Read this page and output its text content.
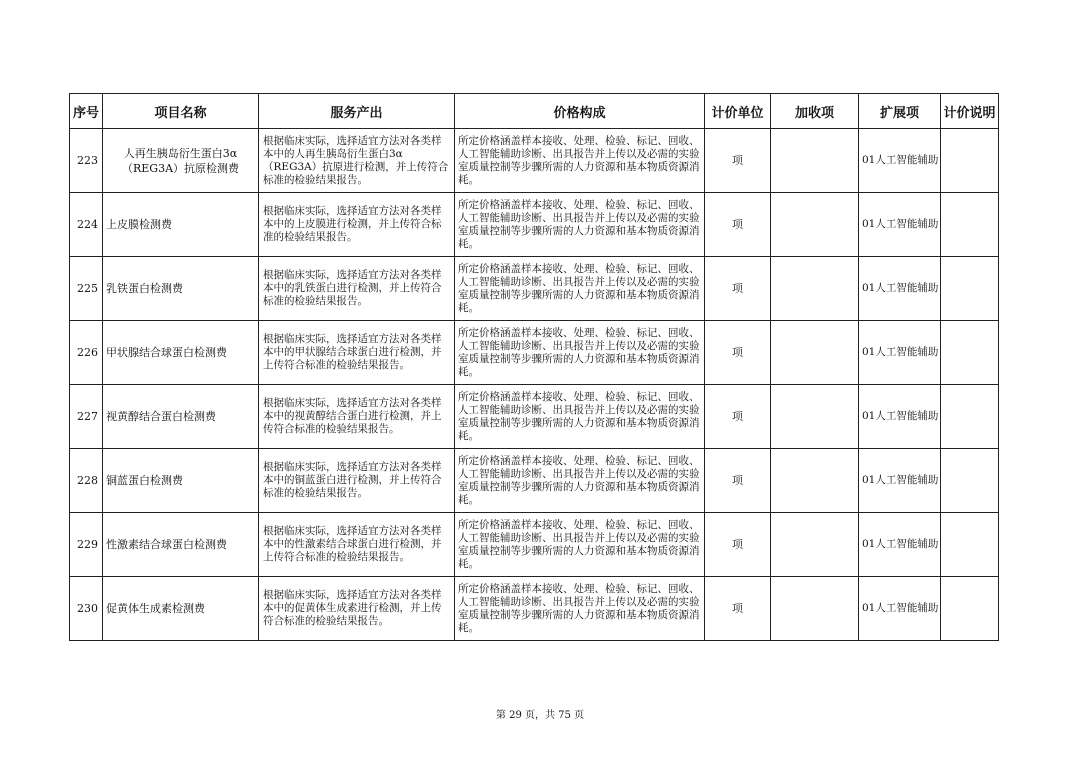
序号	项目名称	服务产出	价格构成	计价单位	加收项	扩展项	计价说明
223	人再生胰岛衍生蛋白3α（REG3A）抗原检测费	根据临床实际，选择适宜方法对各类样本中的人再生胰岛衍生蛋白3α（REG3A）抗原进行检测，并上传符合标准的检验结果报告。	所定价格涵盖样本接收、处理、检验、标记、回收、人工智能辅助诊断、出具报告并上传以及必需的实验室质量控制等步骤所需的人力资源和基本物质资源消耗。	项		01人工智能辅助	
224	上皮膜检测费	根据临床实际，选择适宜方法对各类样本中的上皮膜进行检测，并上传符合标准的检验结果报告。	所定价格涵盖样本接收、处理、检验、标记、回收、人工智能辅助诊断、出具报告并上传以及必需的实验室质量控制等步骤所需的人力资源和基本物质资源消耗。	项		01人工智能辅助	
225	乳铁蛋白检测费	根据临床实际，选择适宜方法对各类样本中的乳铁蛋白进行检测，并上传符合标准的检验结果报告。	所定价格涵盖样本接收、处理、检验、标记、回收、人工智能辅助诊断、出具报告并上传以及必需的实验室质量控制等步骤所需的人力资源和基本物质资源消耗。	项		01人工智能辅助	
226	甲状腺结合球蛋白检测费	根据临床实际，选择适宜方法对各类样本中的甲状腺结合球蛋白进行检测，并上传符合标准的检验结果报告。	所定价格涵盖样本接收、处理、检验、标记、回收、人工智能辅助诊断、出具报告并上传以及必需的实验室质量控制等步骤所需的人力资源和基本物质资源消耗。	项		01人工智能辅助	
227	视黄醇结合蛋白检测费	根据临床实际，选择适宜方法对各类样本中的视黄醇结合蛋白进行检测，并上传符合标准的检验结果报告。	所定价格涵盖样本接收、处理、检验、标记、回收、人工智能辅助诊断、出具报告并上传以及必需的实验室质量控制等步骤所需的人力资源和基本物质资源消耗。	项		01人工智能辅助	
228	铜蓝蛋白检测费	根据临床实际，选择适宜方法对各类样本中的铜蓝蛋白进行检测，并上传符合标准的检验结果报告。	所定价格涵盖样本接收、处理、检验、标记、回收、人工智能辅助诊断、出具报告并上传以及必需的实验室质量控制等步骤所需的人力资源和基本物质资源消耗。	项		01人工智能辅助	
229	性激素结合球蛋白检测费	根据临床实际，选择适宜方法对各类样本中的性激素结合球蛋白进行检测，并上传符合标准的检验结果报告。	所定价格涵盖样本接收、处理、检验、标记、回收、人工智能辅助诊断、出具报告并上传以及必需的实验室质量控制等步骤所需的人力资源和基本物质资源消耗。	项		01人工智能辅助	
230	促黄体生成素检测费	根据临床实际，选择适宜方法对各类样本中的促黄体生成素进行检测，并上传符合标准的检验结果报告。	所定价格涵盖样本接收、处理、检验、标记、回收、人工智能辅助诊断、出具报告并上传以及必需的实验室质量控制等步骤所需的人力资源和基本物质资源消耗。	项		01人工智能辅助	
第 29 页，共 75 页
